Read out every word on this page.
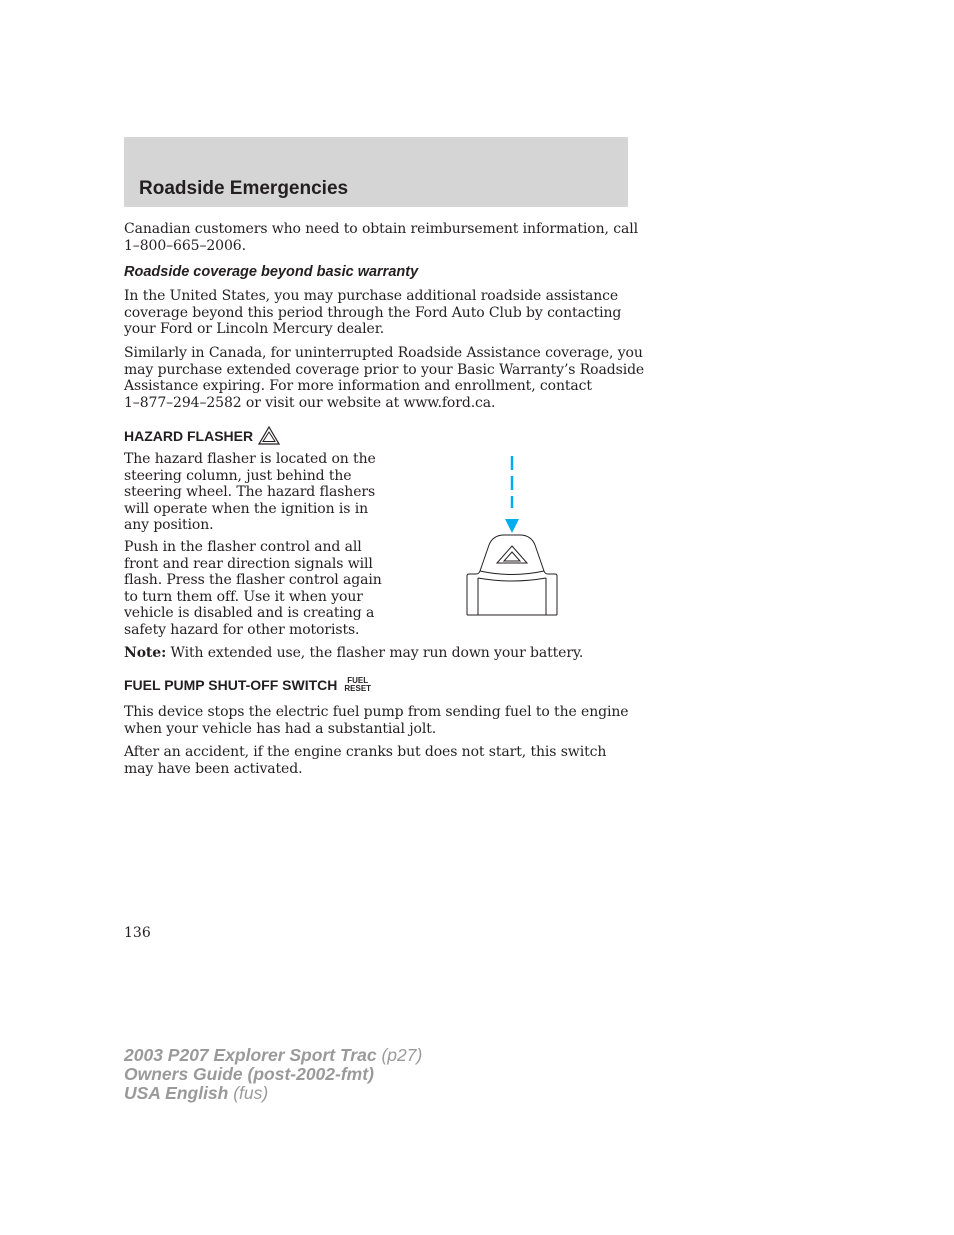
Roadside Emergencies

Canadian customers who need to obtain reimbursement information, call
1–800–665–2006.

Roadside coverage beyond basic warranty

In the United States, you may purchase additional roadside assistance
coverage beyond this period through the Ford Auto Club by contacting
your Ford or Lincoln Mercury dealer.

Similarly in Canada, for uninterrupted Roadside Assistance coverage, you
may purchase extended coverage prior to your Basic Warranty’s Roadside
Assistance expiring. For more information and enrollment, contact
1–877–294–2582 or visit our website at www.ford.ca.

HAZARD FLASHER

The hazard flasher is located on the
steering column, just behind the
steering wheel. The hazard flashers
will operate when the ignition is in
any position.

Push in the flasher control and all
front and rear direction signals will
flash. Press the flasher control again
to turn them off. Use it when your
vehicle is disabled and is creating a
safety hazard for other motorists.

Note: With extended use, the flasher may run down your battery.

FUEL PUMP SHUT-OFF SWITCH	FUEL
RESET

This device stops the electric fuel pump from sending fuel to the engine
when your vehicle has had a substantial jolt.

After an accident, if the engine cranks but does not start, this switch
may have been activated.

136

2003 P207 Explorer Sport Trac (p27)
Owners Guide (post-2002-fmt)
USA English (fus)
